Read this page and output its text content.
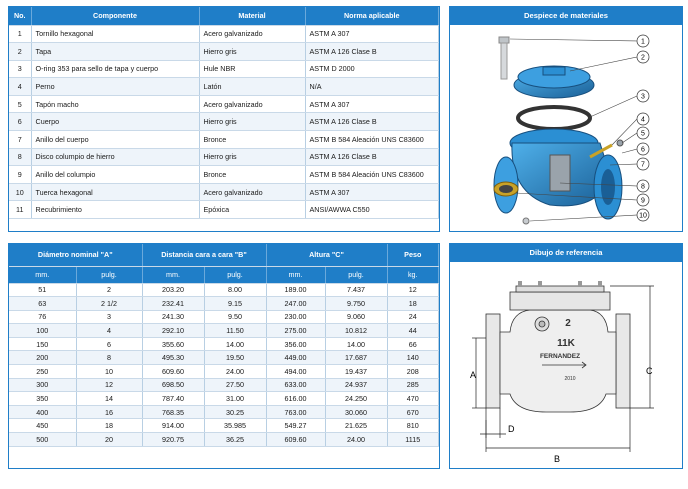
No.	Componente	Material	Norma aplicable
1	Tornillo hexagonal	Acero galvanizado	ASTM A 307
2	Tapa	Hierro gris	ASTM A 126 Clase B
3	O-ring 353 para sello de tapa y cuerpo	Hule NBR	ASTM D 2000
4	Perno	Latón	N/A
5	Tapón macho	Acero galvanizado	ASTM A 307
6	Cuerpo	Hierro gris	ASTM A 126 Clase B
7	Anillo del cuerpo	Bronce	ASTM B 584 Aleación UNS C83600
8	Disco columpio de hierro	Hierro gris	ASTM A 126 Clase B
9	Anillo del columpio	Bronce	ASTM B 584 Aleación UNS C83600
10	Tuerca hexagonal	Acero galvanizado	ASTM A 307
11	Recubrimiento	Epóxica	ANSI/AWWA C550
Diámetro nominal "A"		Distancia cara a cara "B"		Altura "C"		Peso
mm.	pulg.	mm.	pulg.	mm.	pulg.	kg.
51	2	203.20	8.00	189.00	7.437	12
63	2 1/2	232.41	9.15	247.00	9.750	18
76	3	241.30	9.50	230.00	9.060	24
100	4	292.10	11.50	275.00	10.812	44
150	6	355.60	14.00	356.00	14.00	66
200	8	495.30	19.50	449.00	17.687	140
250	10	609.60	24.00	494.00	19.437	208
300	12	698.50	27.50	633.00	24.937	285
350	14	787.40	31.00	616.00	24.250	470
400	16	768.35	30.25	763.00	30.060	670
450	18	914.00	35.985	549.27	21.625	810
500	20	920.75	36.25	609.60	24.00	1115
Despiece de materiales
1
2
3
4
5
6
7
8
9
10
Dibujo de referencia
2
11K
FERNANDEZ
2010
A	C
B
D
